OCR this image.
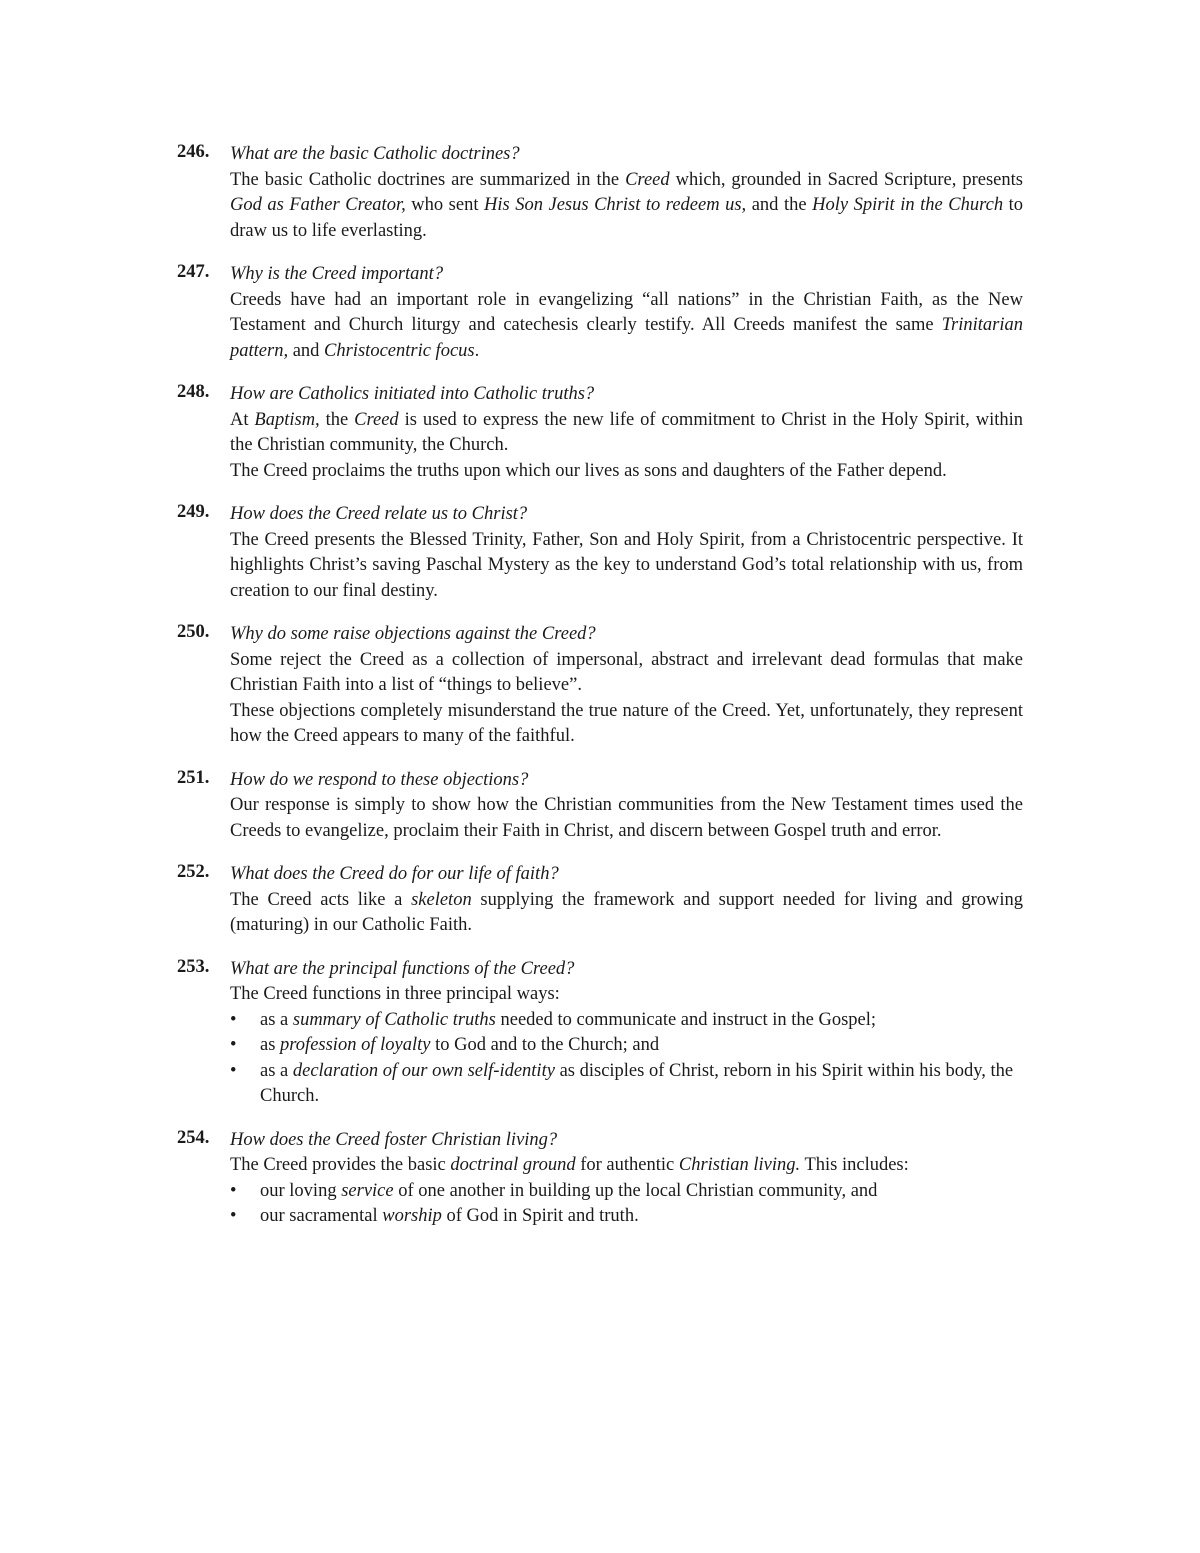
246. What are the basic Catholic doctrines?

The basic Catholic doctrines are summarized in the Creed which, grounded in Sacred Scripture, presents God as Father Creator, who sent His Son Jesus Christ to redeem us, and the Holy Spirit in the Church to draw us to life everlasting.

247. Why is the Creed important?

Creeds have had an important role in evangelizing “all nations” in the Christian Faith, as the New Testament and Church liturgy and catechesis clearly testify. All Creeds manifest the same Trinitarian pattern, and Christocentric focus.

248. How are Catholics initiated into Catholic truths?

At Baptism, the Creed is used to express the new life of commitment to Christ in the Holy Spirit, within the Christian community, the Church.

The Creed proclaims the truths upon which our lives as sons and daughters of the Father depend.

249. How does the Creed relate us to Christ?

The Creed presents the Blessed Trinity, Father, Son and Holy Spirit, from a Christocentric perspective. It highlights Christ’s saving Paschal Mystery as the key to understand God’s total relationship with us, from creation to our final destiny.

250. Why do some raise objections against the Creed?

Some reject the Creed as a collection of impersonal, abstract and irrelevant dead formulas that make Christian Faith into a list of “things to believe”.

These objections completely misunderstand the true nature of the Creed. Yet, unfortunately, they represent how the Creed appears to many of the faithful.

251. How do we respond to these objections?

Our response is simply to show how the Christian communities from the New Testament times used the Creeds to evangelize, proclaim their Faith in Christ, and discern between Gospel truth and error.

252. What does the Creed do for our life of faith?

The Creed acts like a skeleton supplying the framework and support needed for living and growing (maturing) in our Catholic Faith.

253. What are the principal functions of the Creed?

The Creed functions in three principal ways:

• as a summary of Catholic truths needed to communicate and instruct in the Gospel;
• as profession of loyalty to God and to the Church; and
• as a declaration of our own self-identity as disciples of Christ, reborn in his Spirit within his body, the Church.
254. How does the Creed foster Christian living?

The Creed provides the basic doctrinal ground for authentic Christian living. This includes:

• our loving service of one another in building up the local Christian community, and
• our sacramental worship of God in Spirit and truth.
